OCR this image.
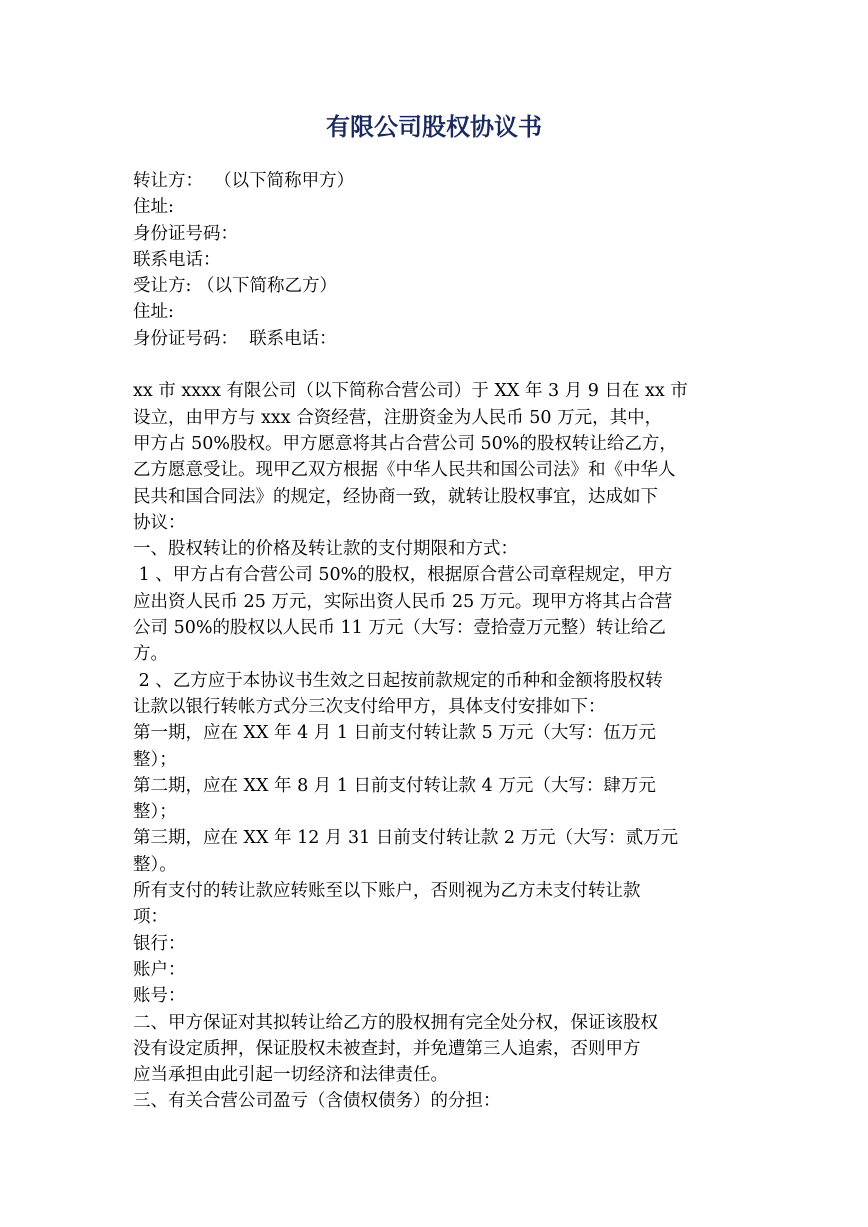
有限公司股权协议书
转让方：  （以下简称甲方）
住址:
身份证号码：
联系电话：
受让方: （以下简称乙方）
住址:
身份证号码：  联系电话：
xx 市 xxxx 有限公司（以下简称合营公司）于 XX 年 3 月 9 日在 xx 市
设立，由甲方与 xxx 合资经营，注册资金为人民币 50 万元，其中，
甲方占 50%股权。甲方愿意将其占合营公司 50%的股权转让给乙方，
乙方愿意受让。现甲乙双方根据《中华人民共和国公司法》和《中华人
民共和国合同法》的规定，经协商一致，就转让股权事宜，达成如下
协议：
一、股权转让的价格及转让款的支付期限和方式：
1 、甲方占有合营公司 50%的股权，根据原合营公司章程规定，甲方
应出资人民币 25 万元，实际出资人民币 25 万元。现甲方将其占合营
公司 50%的股权以人民币 11 万元（大写：壹拾壹万元整）转让给乙
方。
2 、乙方应于本协议书生效之日起按前款规定的币种和金额将股权转
让款以银行转帐方式分三次支付给甲方，具体支付安排如下：
第一期，应在 XX 年 4 月 1 日前支付转让款 5 万元（大写：伍万元
整）；
第二期，应在 XX 年 8 月 1 日前支付转让款 4 万元（大写：肆万元
整）；
第三期，应在 XX 年 12 月 31 日前支付转让款 2 万元（大写：贰万元
整）。
所有支付的转让款应转账至以下账户，否则视为乙方未支付转让款
项：
银行：
账户：
账号：
二、甲方保证对其拟转让给乙方的股权拥有完全处分权，保证该股权
没有设定质押，保证股权未被查封，并免遭第三人追索，否则甲方
应当承担由此引起一切经济和法律责任。
三、有关合营公司盈亏（含债权债务）的分担：
